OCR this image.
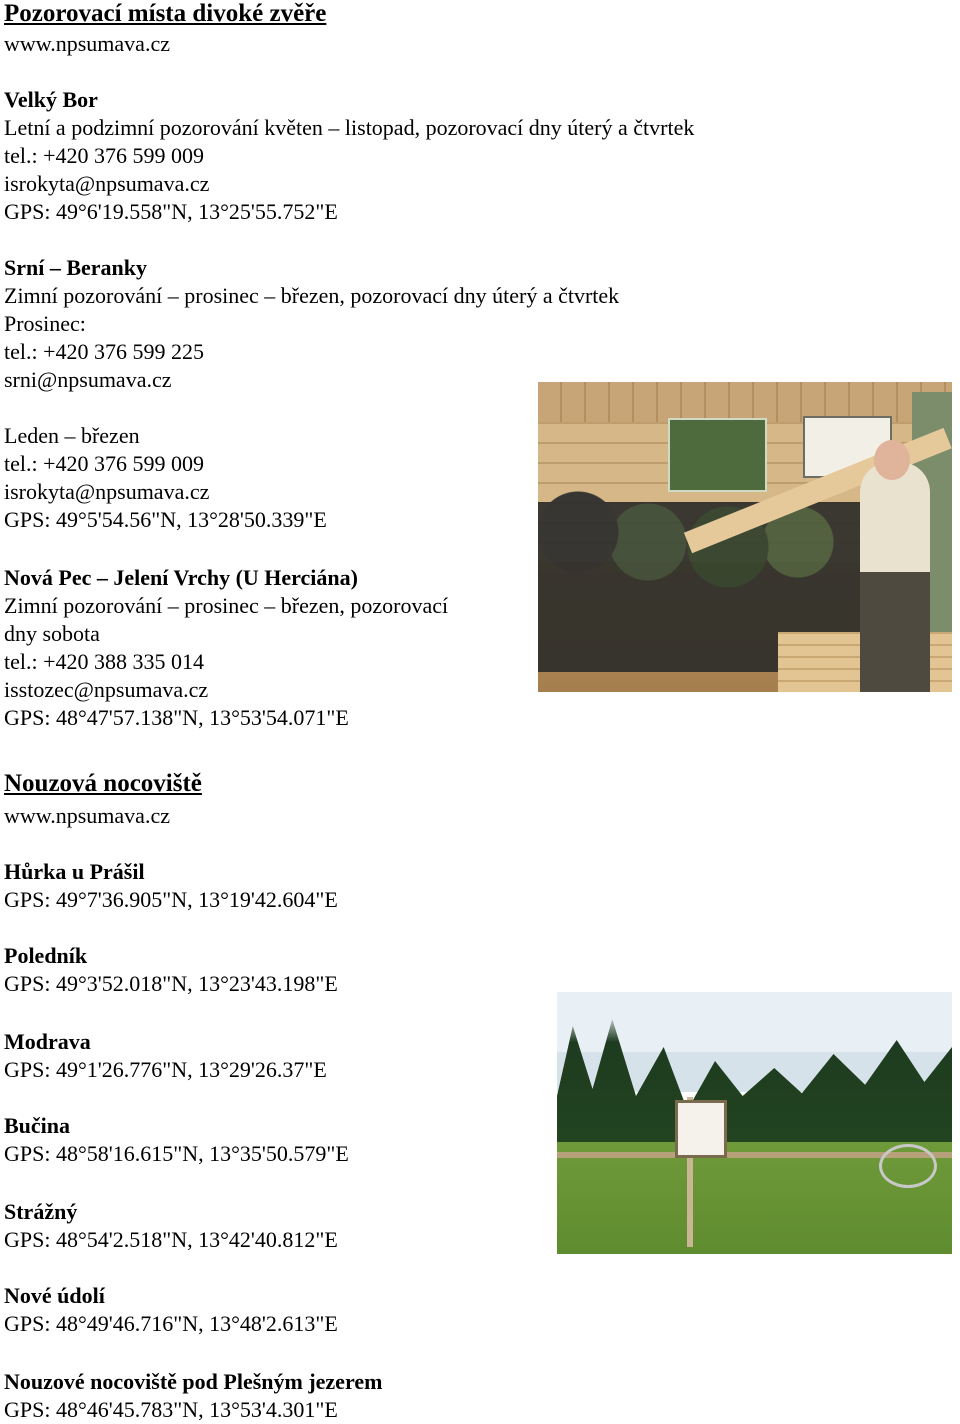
Pozorovací místa divoké zvěře

www.npsumava.cz

Velký Bor

Letní a podzimní pozorování květen – listopad, pozorovací dny úterý a čtvrtek

tel.: +420 376 599 009

isrokyta@npsumava.cz

GPS: 49°6'19.558"N, 13°25'55.752"E

Srní – Beranky

Zimní pozorování – prosinec – březen, pozorovací dny úterý a čtvrtek

Prosinec:

tel.: +420 376 599 225

srni@npsumava.cz

Leden – březen

tel.: +420 376 599 009

isrokyta@npsumava.cz

GPS: 49°5'54.56"N, 13°28'50.339"E

Nová Pec – Jelení Vrchy (U Herciána)

Zimní pozorování – prosinec – březen, pozorovací

dny sobota

tel.: +420 388 335 014

isstozec@npsumava.cz

GPS: 48°47'57.138"N, 13°53'54.071"E

Nouzová nocoviště

www.npsumava.cz

Hůrka u Prášil

GPS: 49°7'36.905"N, 13°19'42.604"E

Poledník

GPS: 49°3'52.018"N, 13°23'43.198"E

Modrava

GPS: 49°1'26.776"N, 13°29'26.37"E

Bučina

GPS: 48°58'16.615"N, 13°35'50.579"E

Strážný

GPS: 48°54'2.518"N, 13°42'40.812"E

Nové údolí

GPS: 48°49'46.716"N, 13°48'2.613"E

Nouzové nocoviště pod Plešným jezerem

GPS: 48°46'45.783"N, 13°53'4.301"E
